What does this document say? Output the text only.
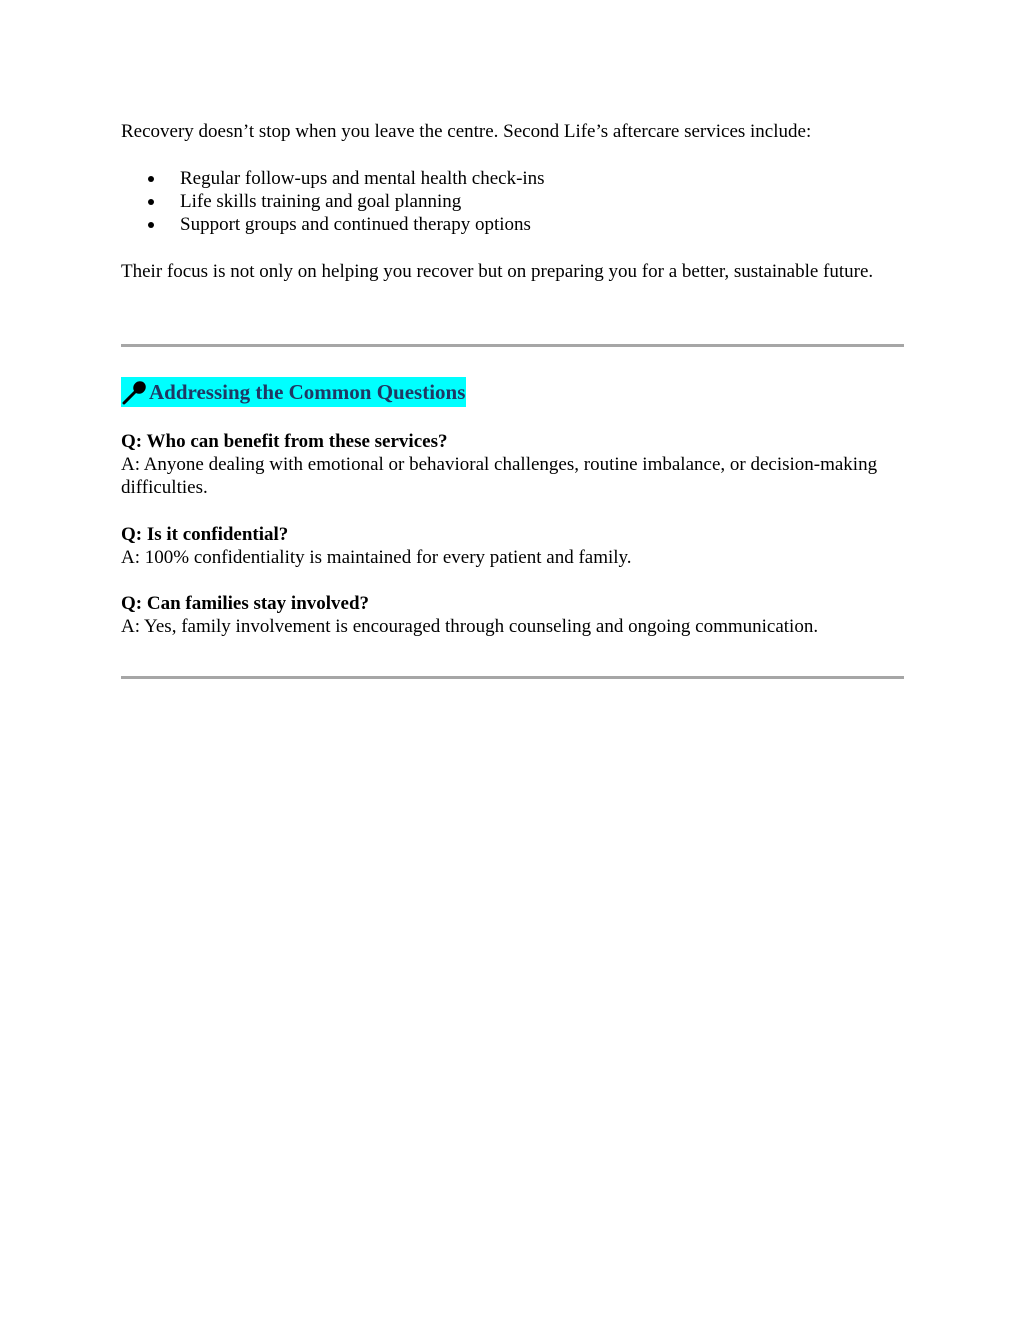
Recovery doesn’t stop when you leave the centre. Second Life’s aftercare services include:

Regular follow-ups and mental health check-ins
Life skills training and goal planning
Support groups and continued therapy options

Their focus is not only on helping you recover but on preparing you for a better, sustainable future.

Addressing the Common Questions

Q: Who can benefit from these services?

A: Anyone dealing with emotional or behavioral challenges, routine imbalance, or decision-making difficulties.

Q: Is it confidential?

A: 100% confidentiality is maintained for every patient and family.

Q: Can families stay involved?

A: Yes, family involvement is encouraged through counseling and ongoing communication.
